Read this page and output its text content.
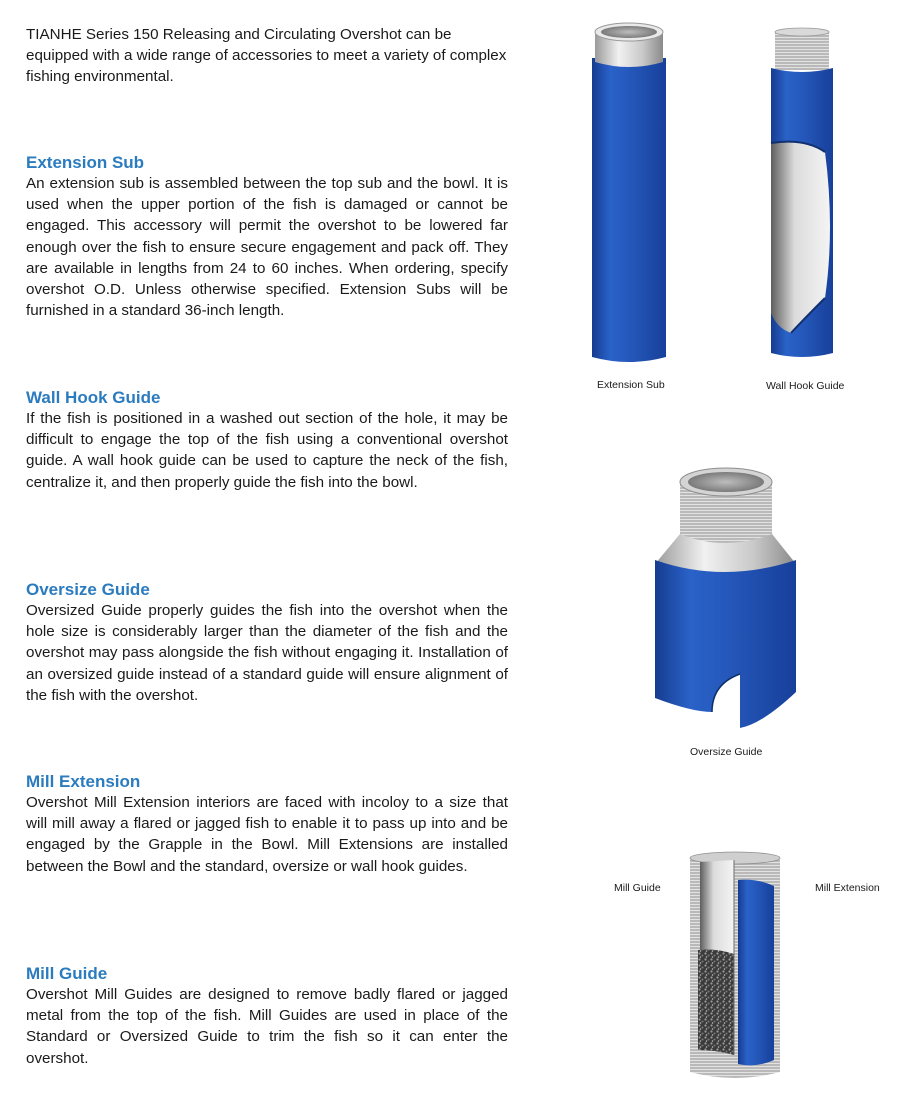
TIANHE Series 150 Releasing and Circulating Overshot can be equipped with a wide range of accessories to meet a variety of complex fishing environmental.

Extension Sub

An extension sub is assembled between the top sub and the bowl. It is used when the upper portion of the fish is damaged or cannot be engaged. This accessory will permit the overshot to be lowered far enough over the fish to ensure secure engagement and pack off. They are available in lengths from 24 to 60 inches. When ordering, specify overshot O.D. Unless otherwise specified. Extension Subs will be furnished in a standard 36-inch length.

Wall Hook Guide

If the fish is positioned in a washed out section of the hole, it may be difficult to engage the top of the fish using a conventional overshot guide. A wall hook guide can be used to capture the neck of the fish, centralize it, and then properly guide the fish into the bowl.

Oversize Guide

Oversized Guide properly guides the fish into the overshot when the hole size is considerably larger than the diameter of the fish and the overshot may pass alongside the fish without engaging it. Installation of an oversized guide instead of a standard guide will ensure alignment of the fish with the overshot.

Mill Extension

Overshot Mill Extension interiors are faced with incoloy to a size that will mill away a flared or jagged fish to enable it to pass up into and be engaged by the Grapple in the Bowl. Mill Extensions are installed between the Bowl and the standard, oversize or wall hook guides.

Mill Guide

Overshot Mill Guides are designed to remove badly flared or jagged metal from the top of the fish. Mill Guides are used in place of the Standard or Oversized Guide to trim the fish so it can enter the overshot.

Extension Sub	Wall Hook Guide
Oversize Guide
Mill Guide	Mill Extension
